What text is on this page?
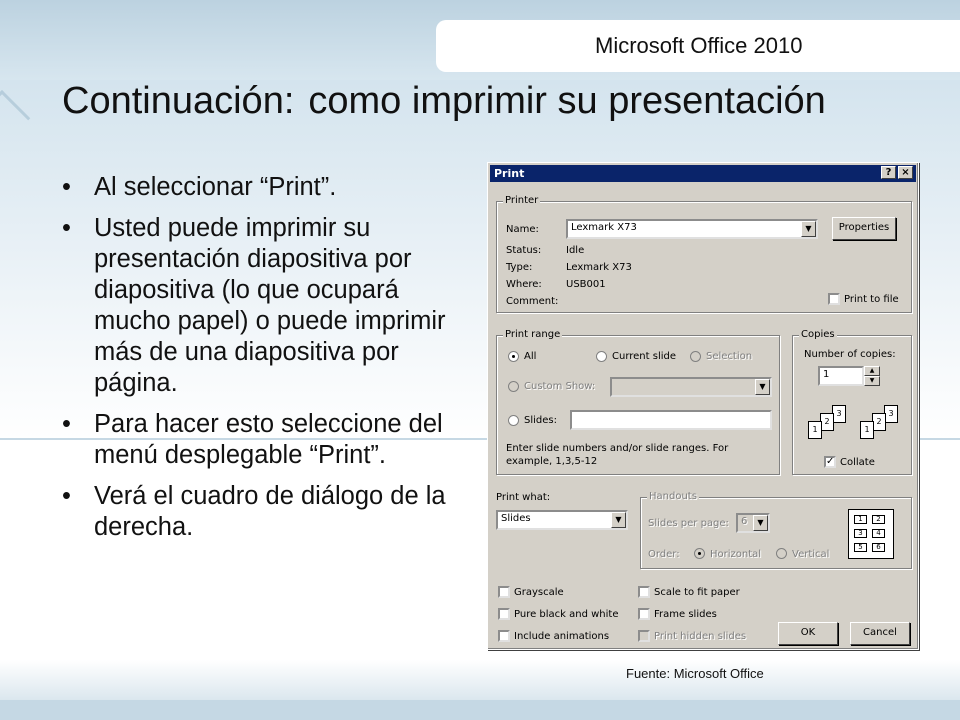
Microsoft Office 2010
Continuación: como imprimir su presentación
• Al seleccionar “Print”.
• Usted puede imprimir su presentación diapositiva por diapositiva (lo que ocupará mucho papel) o puede imprimir más de una diapositiva por página.
• Para hacer esto seleccione del menú desplegable “Print”.
• Verá el cuadro de diálogo de la derecha.
Fuente: Microsoft Office
Print	? ×
Printer
Name:	Lexmark X73	▼	Properties
Status: Idle
Type:	Lexmark X73
Where: USB001
Comment:	Print to file
Print range
All	Current slide	Selection
Custom Show:	▼
Slides:
Enter slide numbers and/or slide ranges. For example, 1,3,5-12
Copies
Number of copies:
1	▲
▼
3
2
1
3
2
1
✓ Collate
Print what:
Slides	▼
Handouts
Slides per page:	6	▼
Order:	Horizontal	Vertical
1	2
3	4
5	6
Grayscale
Pure black and white
Include animations
Scale to fit paper
Frame slides
Print hidden slides	OK	Cancel
